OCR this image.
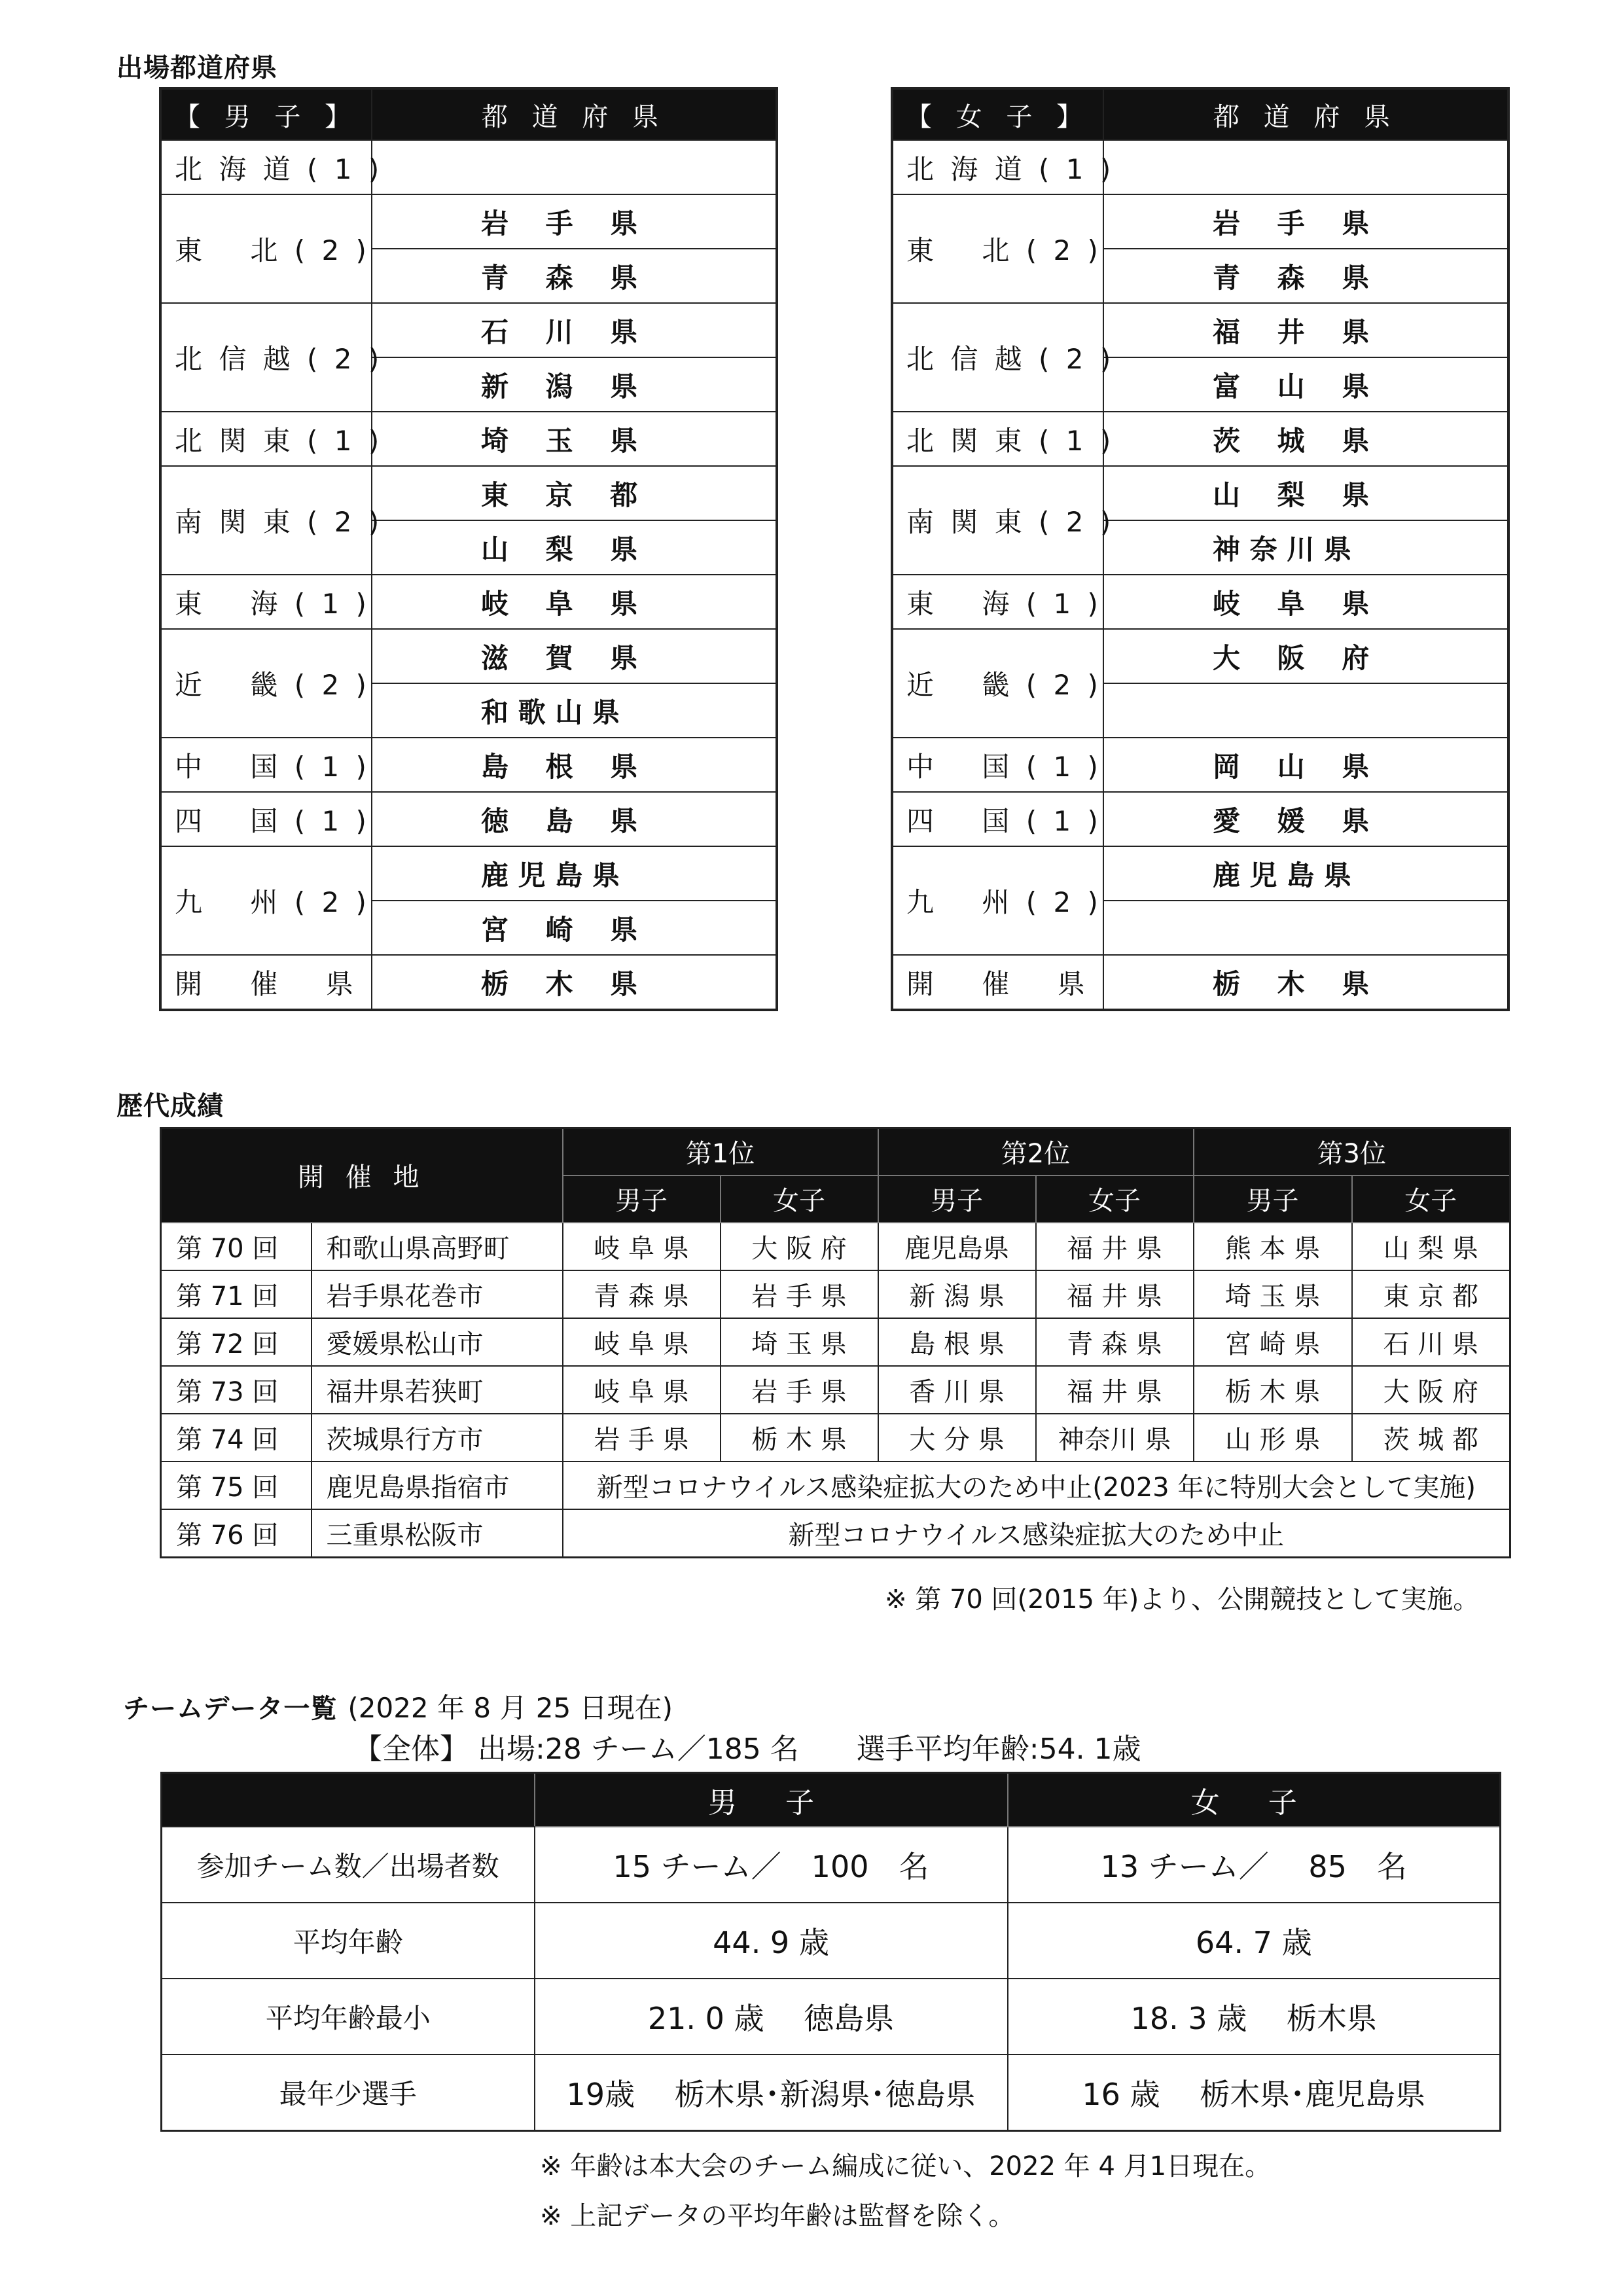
出場都道府県
【 男 子 】	都 道 府 県
北 海 道 ( 1 )	
東　 北 ( 2 )	岩　 手　 県
	青　 森　 県
北 信 越 ( 2 )	石　 川　 県
	新　 潟　 県
北 関 東 ( 1 )	埼　 玉　 県
南 関 東 ( 2 )	東　 京　 都
	山　 梨　 県
東　 海 ( 1 )	岐　 阜　 県
近　 畿 ( 2 )	滋　 賀　 県
	和 歌 山 県
中　 国 ( 1 )	島　 根　 県
四　 国 ( 1 )	徳　 島　 県
九　 州 ( 2 )	鹿 児 島 県
	宮　 崎　 県
開　 催　 県	栃　 木　 県
【 女 子 】	都 道 府 県
北 海 道 ( 1 )	
東　 北 ( 2 )	岩　 手　 県
	青　 森　 県
北 信 越 ( 2 )	福　 井　 県
	富　 山　 県
北 関 東 ( 1 )	茨　 城　 県
南 関 東 ( 2 )	山　 梨　 県
	神 奈 川 県
東　 海 ( 1 )	岐　 阜　 県
近　 畿 ( 2 )	大　 阪　 府

中　 国 ( 1 )	岡　 山　 県
四　 国 ( 1 )	愛　 媛　 県
九　 州 ( 2 )	鹿 児 島 県

開　 催　 県	栃　 木　 県
歴代成績
開 催 地		第1位		第2位		第3位	
		男子	女子	男子	女子	男子	女子
第 70 回	和歌山県高野町	岐 阜 県	大 阪 府	鹿児島県	福 井 県	熊 本 県	山 梨 県
第 71 回	岩手県花巻市	青 森 県	岩 手 県	新 潟 県	福 井 県	埼 玉 県	東 京 都
第 72 回	愛媛県松山市	岐 阜 県	埼 玉 県	島 根 県	青 森 県	宮 崎 県	石 川 県
第 73 回	福井県若狭町	岐 阜 県	岩 手 県	香 川 県	福 井 県	栃 木 県	大 阪 府
第 74 回	茨城県行方市	岩 手 県	栃 木 県	大 分 県	神奈川 県	山 形 県	茨 城 都
第 75 回	鹿児島県指宿市	新型コロナウイルス感染症拡大のため中止(2023 年に特別大会として実施)					
第 76 回	三重県松阪市	新型コロナウイルス感染症拡大のため中止					
※ 第 70 回(2015 年)より、公開競技として実施。

チームデータ一覧 (2022 年 8 月 25 日現在)

【全体】 出場:28 チーム／185 名　　選手平均年齢:54. 1歳
	男 子	女 子
参加チーム数／出場者数	15 チーム／　100　名	13 チーム／　 85　名
平均年齢	44. 9 歳	64. 7 歳
平均年齢最小	21. 0 歳　 徳島県	18. 3 歳　 栃木県
最年少選手	19歳　 栃木県･新潟県･徳島県	16 歳　 栃木県･鹿児島県
※ 年齢は本大会のチーム編成に従い、2022 年 4 月1日現在。
※ 上記データの平均年齢は監督を除く。
